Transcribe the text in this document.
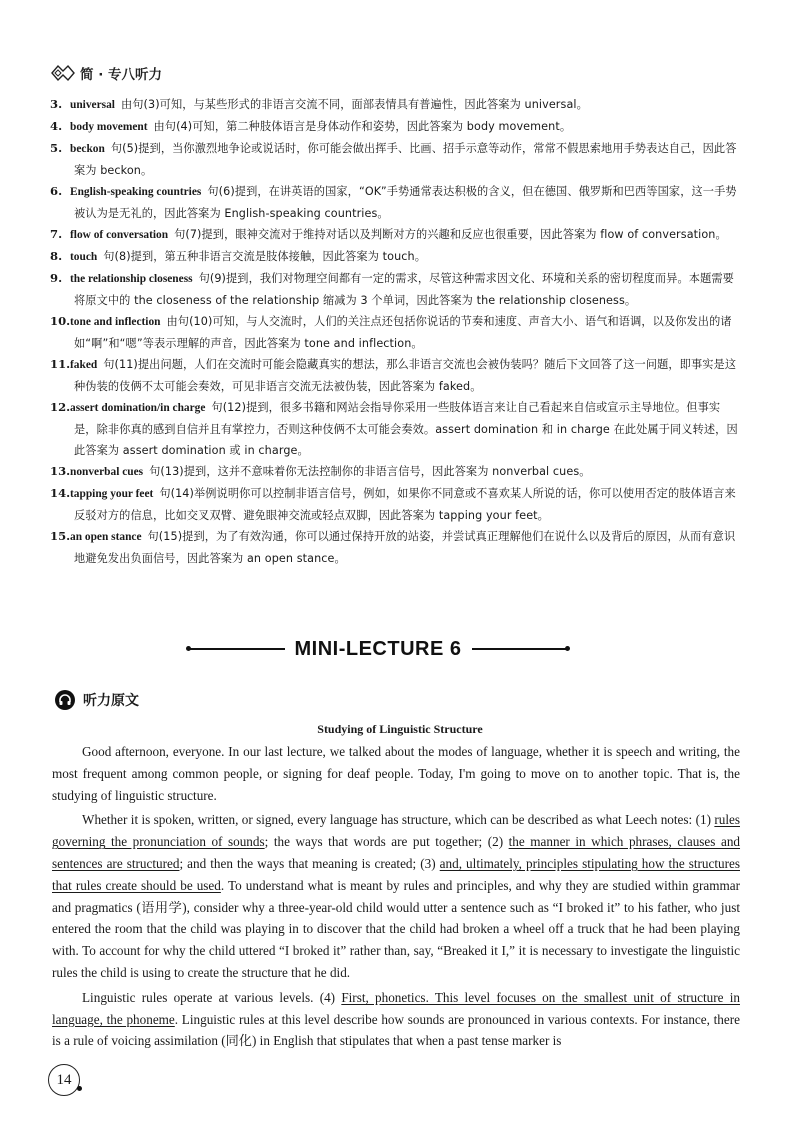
简 · 专八听力
3. universal 由句(3)可知，与某些形式的非语言交流不同，面部表情具有普遍性，因此答案为 universal。
4. body movement 由句(4)可知，第二种肢体语言是身体动作和姿势，因此答案为 body movement。
5. beckon 句(5)提到，当你激烈地争论或说话时，你可能会做出挥手、比画、招手示意等动作，常常不假思索地用手势表达自己，因此答案为 beckon。
6. English-speaking countries 句(6)提到，在讲英语的国家，“OK”手势通常表达积极的含义，但在德国、俄罗斯和巴西等国家，这一手势被认为是无礼的，因此答案为 English-speaking countries。
7. flow of conversation 句(7)提到，眼神交流对于维持对话以及判断对方的兴趣和反应也很重要，因此答案为 flow of conversation。
8. touch 句(8)提到，第五种非语言交流是肢体接触，因此答案为 touch。
9. the relationship closeness 句(9)提到，我们对物理空间都有一定的需求，尽管这种需求因文化、环境和关系的密切程度而异。本题需要将原文中的 the closeness of the relationship 缩减为 3 个单词，因此答案为 the relationship closeness。
10.tone and inflection 由句(10)可知，与人交流时，人们的关注点还包括你说话的节奏和速度、声音大小、语气和语调，以及你发出的诸如“啊”和“嗯”等表示理解的声音，因此答案为 tone and inflection。
11.faked 句(11)提出问题，人们在交流时可能会隐藏真实的想法，那么非语言交流也会被伪装吗？随后下文回答了这一问题，即事实是这种伪装的伎俩不太可能会奏效，可见非语言交流无法被伪装，因此答案为 faked。
12.assert domination/in charge 句(12)提到，很多书籍和网站会指导你采用一些肢体语言来让自己看起来自信或宣示主导地位。但事实是，除非你真的感到自信并且有掌控力，否则这种伎俩不太可能会奏效。assert domination 和 in charge 在此处属于同义转述，因此答案为 assert domination 或 in charge。
13.nonverbal cues 句(13)提到，这并不意味着你无法控制你的非语言信号，因此答案为 nonverbal cues。
14.tapping your feet 句(14)举例说明你可以控制非语言信号，例如，如果你不同意或不喜欢某人所说的话，你可以使用否定的肢体语言来反驳对方的信息，比如交叉双臂、避免眼神交流或轻点双脚，因此答案为 tapping your feet。
15.an open stance 句(15)提到，为了有效沟通，你可以通过保持开放的站姿，并尝试真正理解他们在说什么以及背后的原因，从而有意识地避免发出负面信号，因此答案为 an open stance。
MINI-LECTURE 6
听力原文
Studying of Linguistic Structure

Good afternoon, everyone. In our last lecture, we talked about the modes of language, whether it is speech and writing, the most frequent among common people, or signing for deaf people. Today, I'm going to move on to another topic. That is, the studying of linguistic structure.

Whether it is spoken, written, or signed, every language has structure, which can be described as what Leech notes: (1) rules governing the pronunciation of sounds; the ways that words are put together; (2) the manner in which phrases, clauses and sentences are structured; and then the ways that meaning is created; (3) and, ultimately, principles stipulating how the structures that rules create should be used. To understand what is meant by rules and principles, and why they are studied within grammar and pragmatics (语用学), consider why a three-year-old child would utter a sentence such as “I broked it” to his father, who just entered the room that the child was playing in to discover that the child had broken a wheel off a truck that he had been playing with. To account for why the child uttered “I broked it” rather than, say, “Breaked it I,” it is necessary to investigate the linguistic rules the child is using to create the structure that he did.

Linguistic rules operate at various levels. (4) First, phonetics. This level focuses on the smallest unit of structure in language, the phoneme. Linguistic rules at this level describe how sounds are pronounced in various contexts. For instance, there is a rule of voicing assimilation (同化) in English that stipulates that when a past tense marker is

14
